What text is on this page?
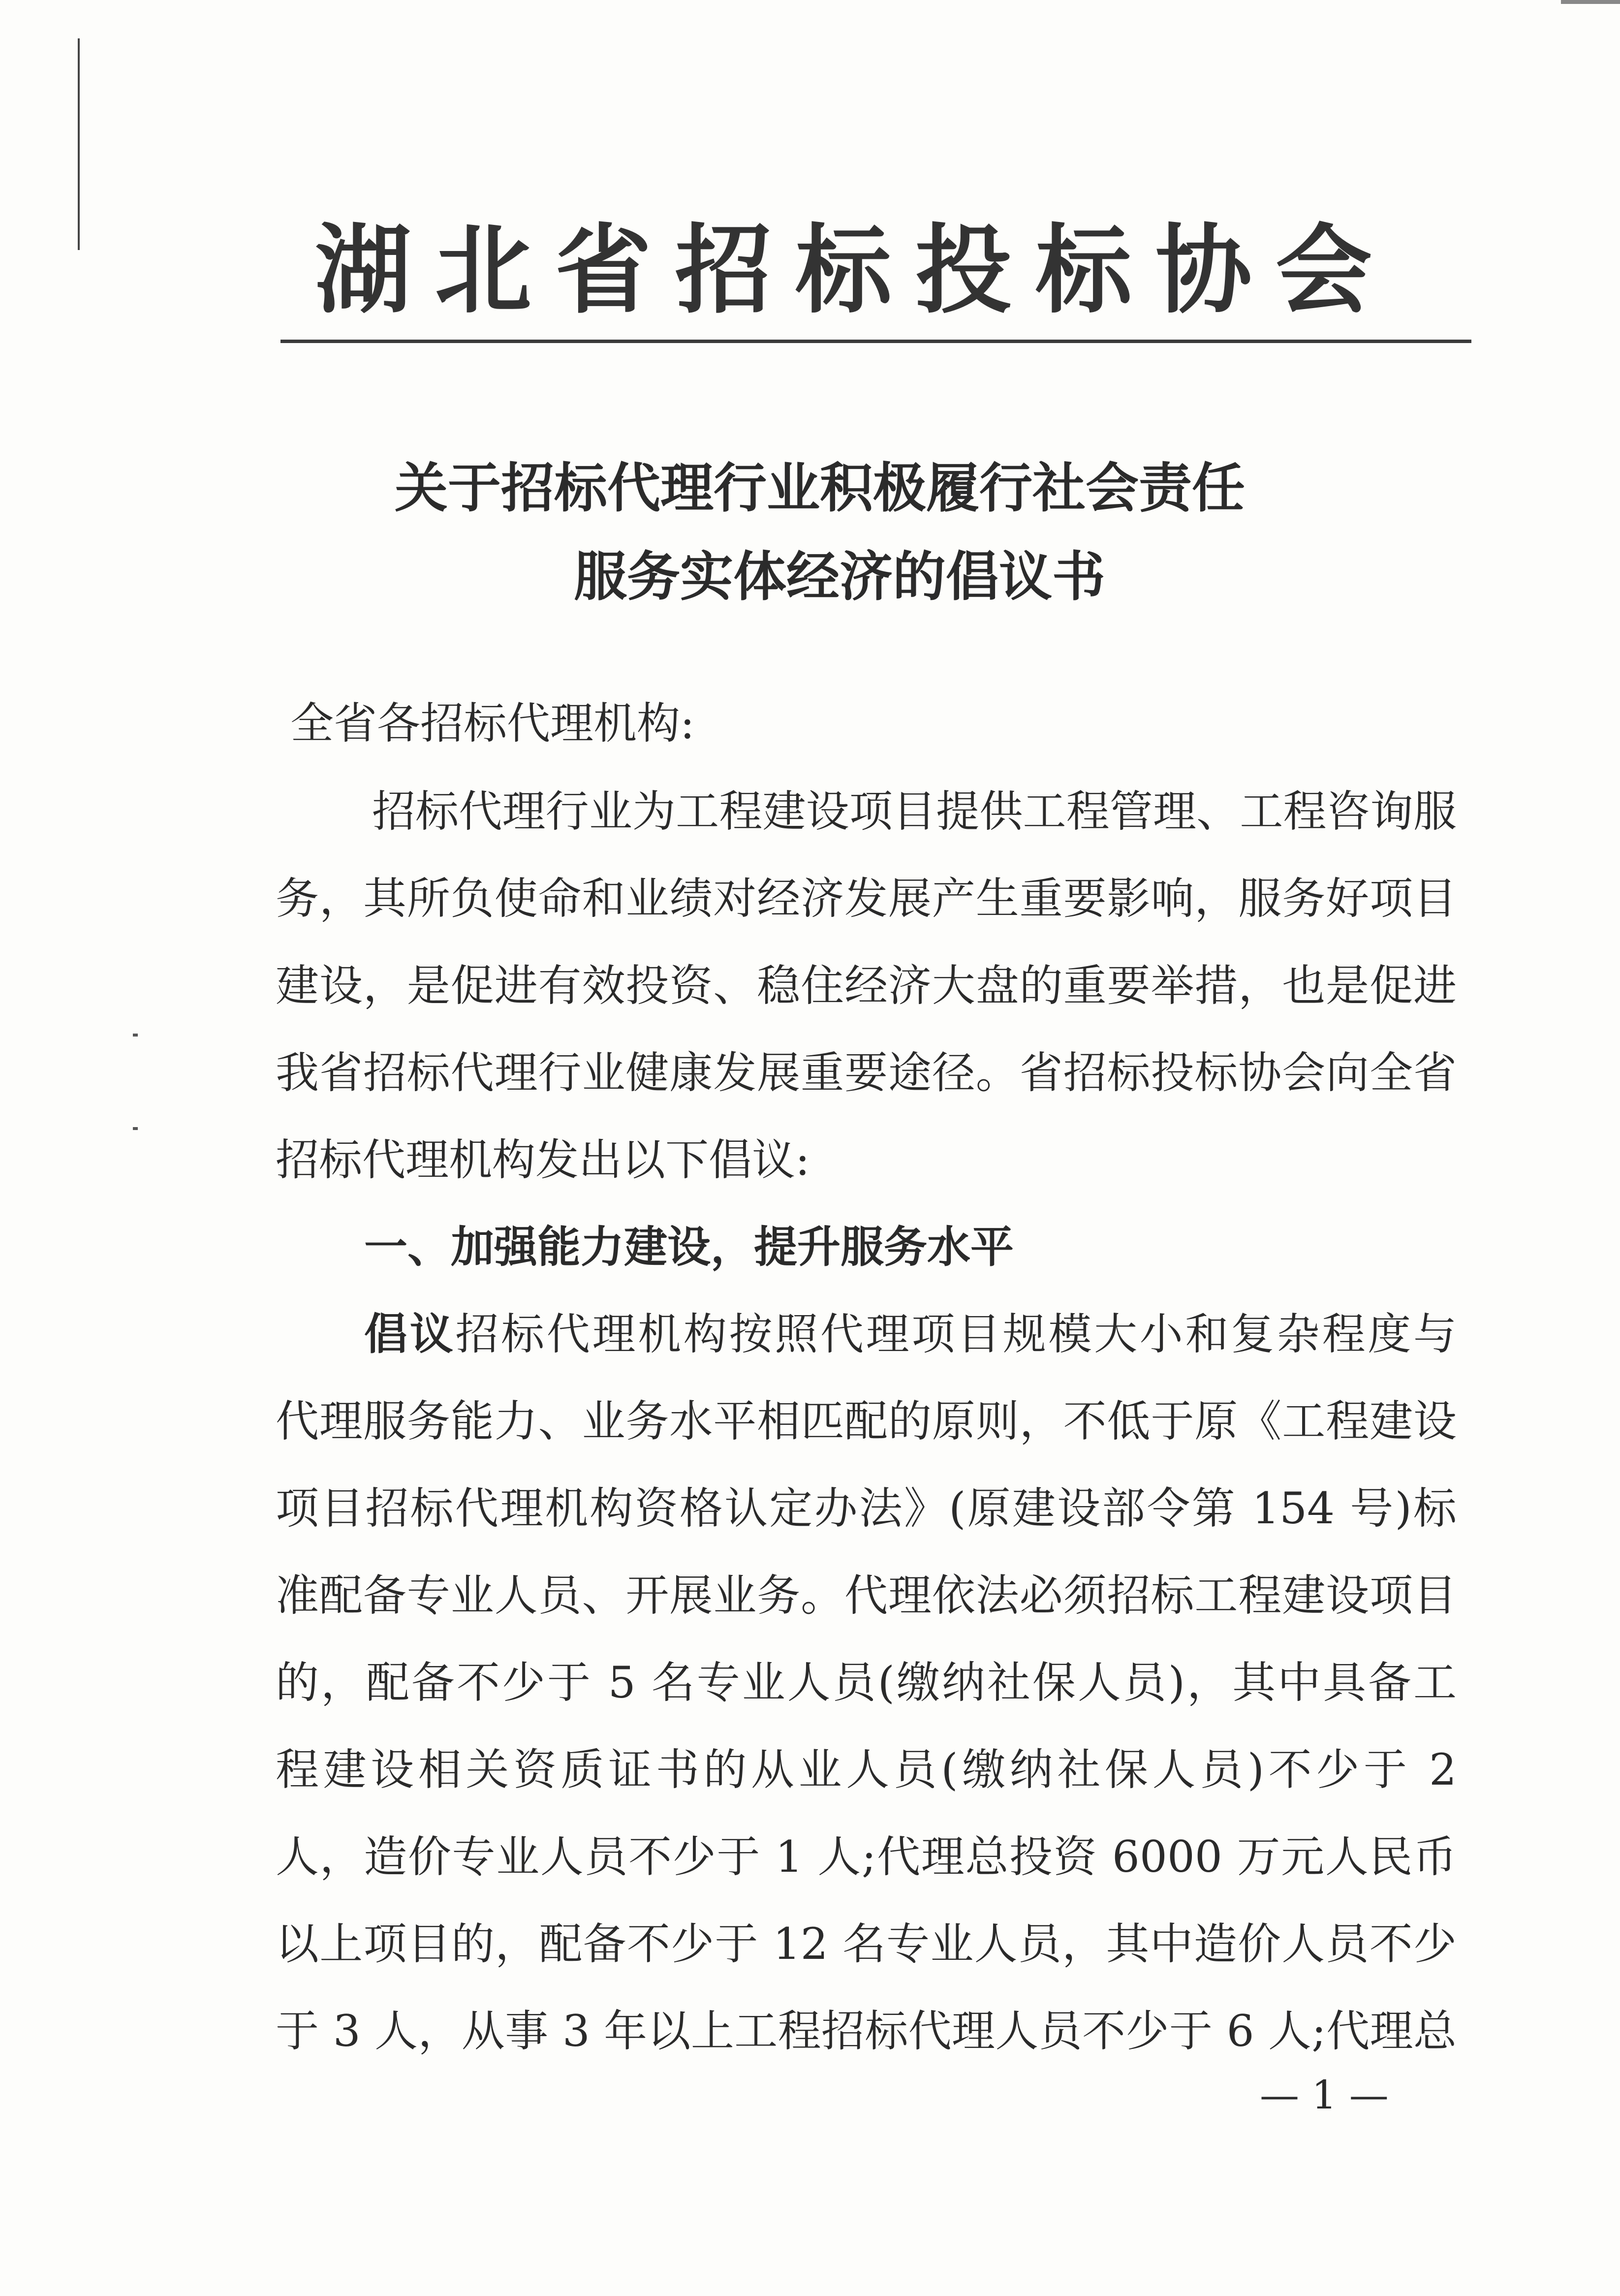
湖北省招标投标协会
关于招标代理行业积极履行社会责任
服务实体经济的倡议书
全省各招标代理机构:
招标代理行业为工程建设项目提供工程管理、工程咨询服
务，其所负使命和业绩对经济发展产生重要影响，服务好项目
建设，是促进有效投资、稳住经济大盘的重要举措，也是促进
我省招标代理行业健康发展重要途径。省招标投标协会向全省
招标代理机构发出以下倡议:
一、加强能力建设，提升服务水平
倡议招标代理机构按照代理项目规模大小和复杂程度与
代理服务能力、业务水平相匹配的原则，不低于原《工程建设
项目招标代理机构资格认定办法》(原建设部令第 154 号)标
准配备专业人员、开展业务。代理依法必须招标工程建设项目
的，配备不少于 5 名专业人员(缴纳社保人员)，其中具备工
程建设相关资质证书的从业人员(缴纳社保人员)不少于 2
人，造价专业人员不少于 1 人;代理总投资 6000 万元人民币
以上项目的，配备不少于 12 名专业人员，其中造价人员不少
于 3 人，从事 3 年以上工程招标代理人员不少于 6 人;代理总
— 1 —
